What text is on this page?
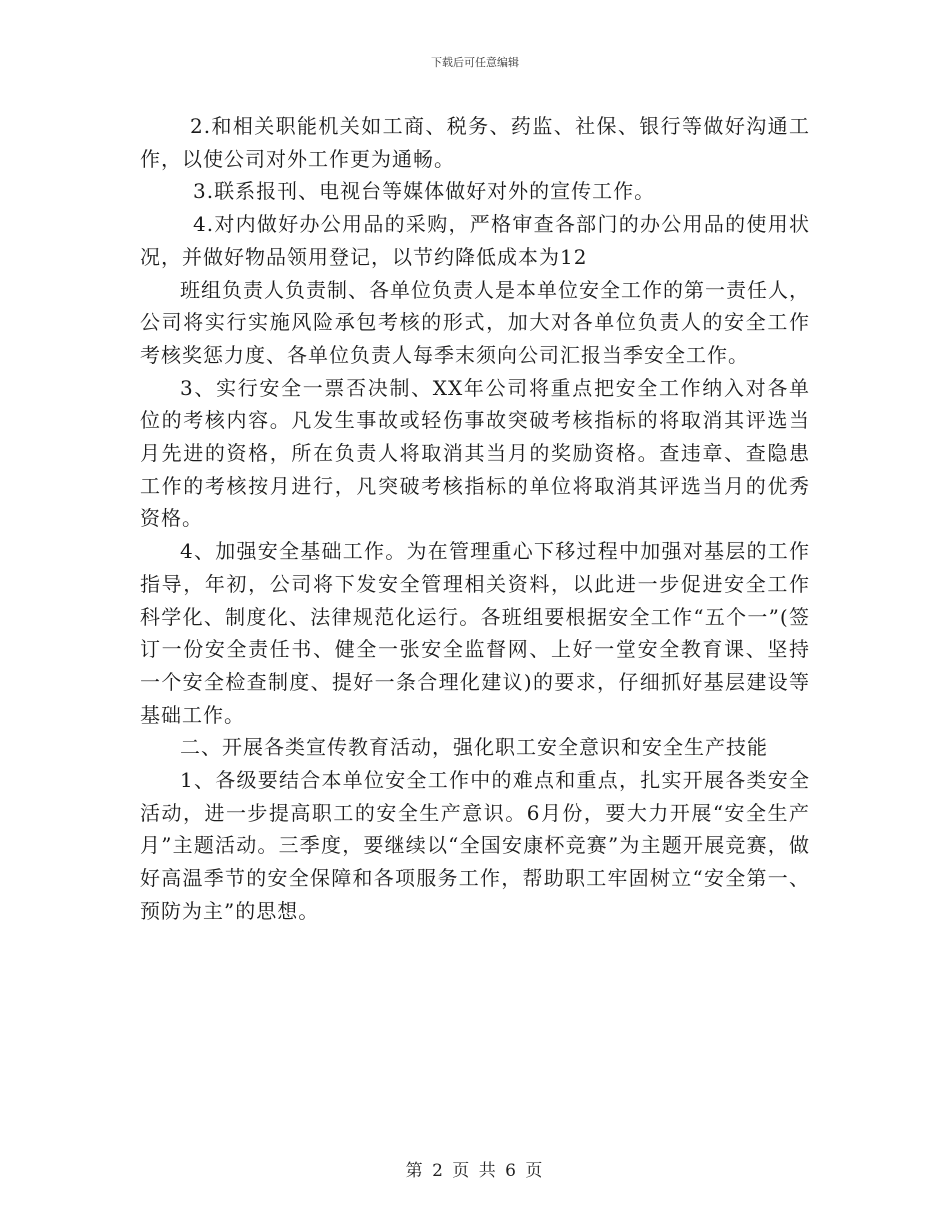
下载后可任意编辑

2.和相关职能机关如工商、税务、药监、社保、银行等做好沟通工作，以使公司对外工作更为通畅。

3.联系报刊、电视台等媒体做好对外的宣传工作。

4.对内做好办公用品的采购，严格审查各部门的办公用品的使用状况，并做好物品领用登记，以节约降低成本为12

班组负责人负责制、各单位负责人是本单位安全工作的第一责任人，公司将实行实施风险承包考核的形式，加大对各单位负责人的安全工作考核奖惩力度、各单位负责人每季末须向公司汇报当季安全工作。

3、实行安全一票否决制、XX年公司将重点把安全工作纳入对各单位的考核内容。凡发生事故或轻伤事故突破考核指标的将取消其评选当月先进的资格，所在负责人将取消其当月的奖励资格。查违章、查隐患工作的考核按月进行，凡突破考核指标的单位将取消其评选当月的优秀资格。

4、加强安全基础工作。为在管理重心下移过程中加强对基层的工作指导，年初，公司将下发安全管理相关资料，以此进一步促进安全工作科学化、制度化、法律规范化运行。各班组要根据安全工作“五个一”(签订一份安全责任书、健全一张安全监督网、上好一堂安全教育课、坚持一个安全检查制度、提好一条合理化建议)的要求，仔细抓好基层建设等基础工作。

二、开展各类宣传教育活动，强化职工安全意识和安全生产技能

1、各级要结合本单位安全工作中的难点和重点，扎实开展各类安全活动，进一步提高职工的安全生产意识。6月份，要大力开展“安全生产月”主题活动。三季度，要继续以“全国安康杯竞赛”为主题开展竞赛，做好高温季节的安全保障和各项服务工作，帮助职工牢固树立“安全第一、预防为主”的思想。

第 2 页 共 6 页
